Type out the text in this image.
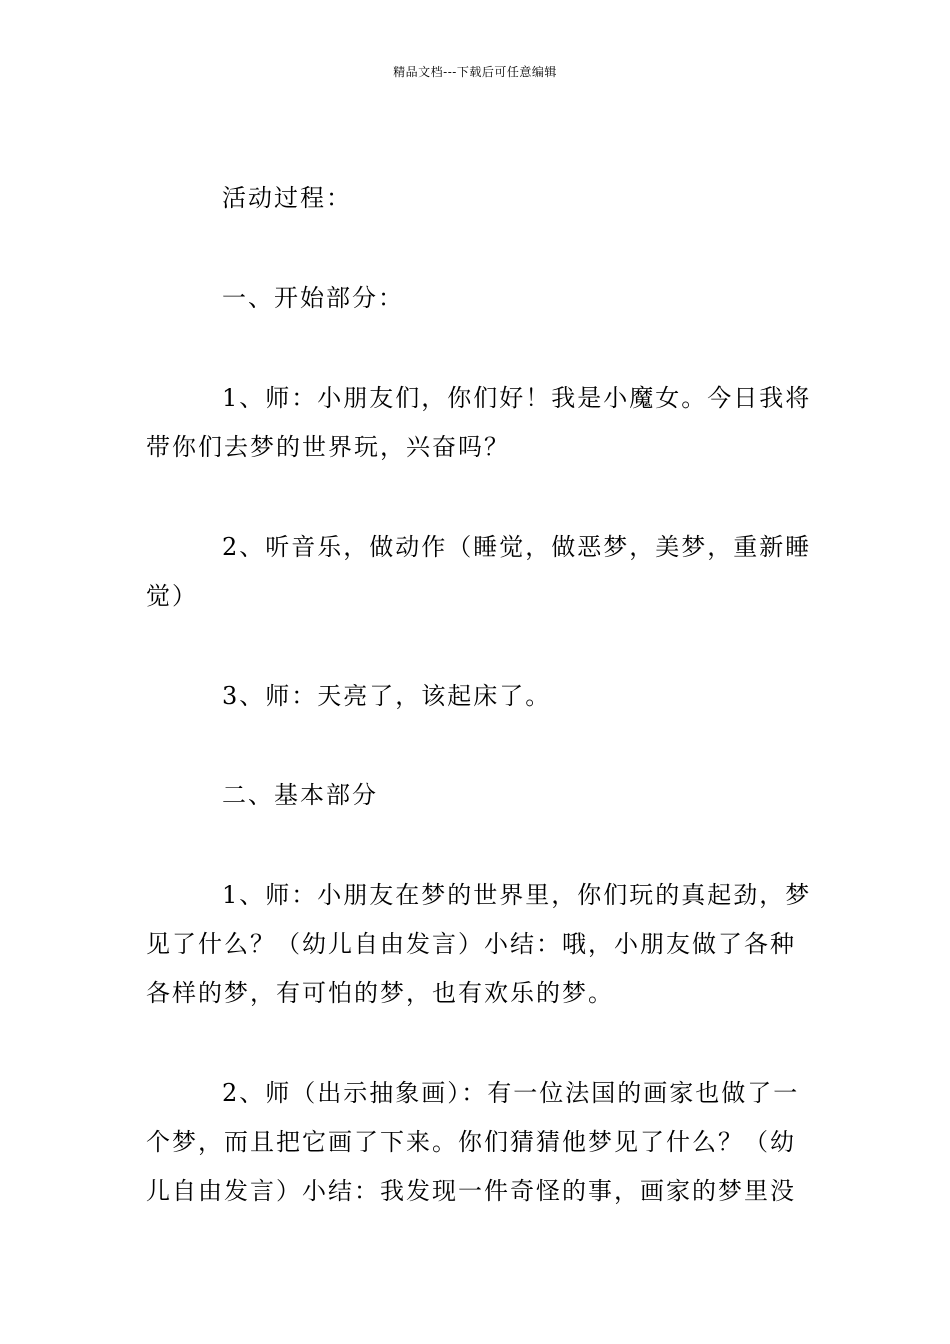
精品文档---下载后可任意编辑
活动过程：
一、开始部分：
1、师：小朋友们，你们好！我是小魔女。今日我将
带你们去梦的世界玩，兴奋吗？
2、听音乐，做动作（睡觉，做恶梦，美梦，重新睡
觉）
3、师：天亮了，该起床了。
二、基本部分
1、师：小朋友在梦的世界里，你们玩的真起劲，梦
见了什么？（幼儿自由发言）小结：哦，小朋友做了各种
各样的梦，有可怕的梦，也有欢乐的梦。
2、师（出示抽象画）：有一位法国的画家也做了一
个梦，而且把它画了下来。你们猜猜他梦见了什么？（幼
儿自由发言）小结：我发现一件奇怪的事，画家的梦里没
